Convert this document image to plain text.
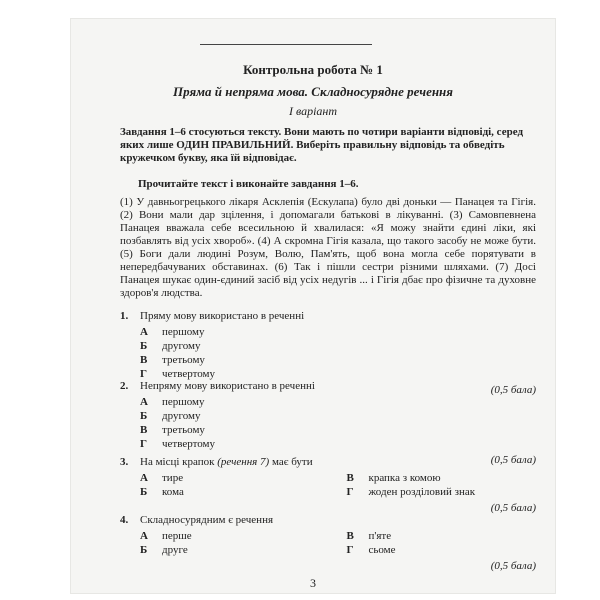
Контрольна робота № 1
Пряма й непряма мова. Складносурядне речення
І варіант
Завдання 1–6 стосуються тексту. Вони мають по чотири варіанти відповіді, серед яких лише ОДИН ПРАВИЛЬНИЙ. Виберіть правильну відповідь та обведіть кружечком букву, яка їй відповідає.
Прочитайте текст і виконайте завдання 1–6.
(1) У давньогрецького лікаря Асклепія (Ескулапа) було дві доньки — Панацея та Гігія. (2) Вони мали дар зцілення, і допомагали батькові в лікуванні. (3) Самовпевнена Панацея вважала себе всесильною й хвалилася: «Я можу знайти єдині ліки, які позбавлять від усіх хвороб». (4) А скромна Гігія казала, що такого засобу не може бути. (5) Боги дали людині Розум, Волю, Пам'ять, щоб вона могла себе порятувати в непередбачуваних обставинах. (6) Так і пішли сестри різними шляхами. (7) Досі Панацея шукає один-єдиний засіб від усіх недугів ... і Гігія дбає про фізичне та духовне здоров'я людства.
1.	Пряму мову використано в реченні
А	першому
Б	другому
В	третьому
Г	четвертому
(0,5 бала)
2.	Непряму мову використано в реченні
А	першому
Б	другому
В	третьому
Г	четвертому
(0,5 бала)
3.	На місці крапок (речення 7) має бути
А	тире
Б	кома
В	крапка з комою
Г	жоден розділовий знак
(0,5 бала)
4.	Складносурядним є речення
А	перше
Б	друге
В	п'яте
Г	сьоме
(0,5 бала)
3
